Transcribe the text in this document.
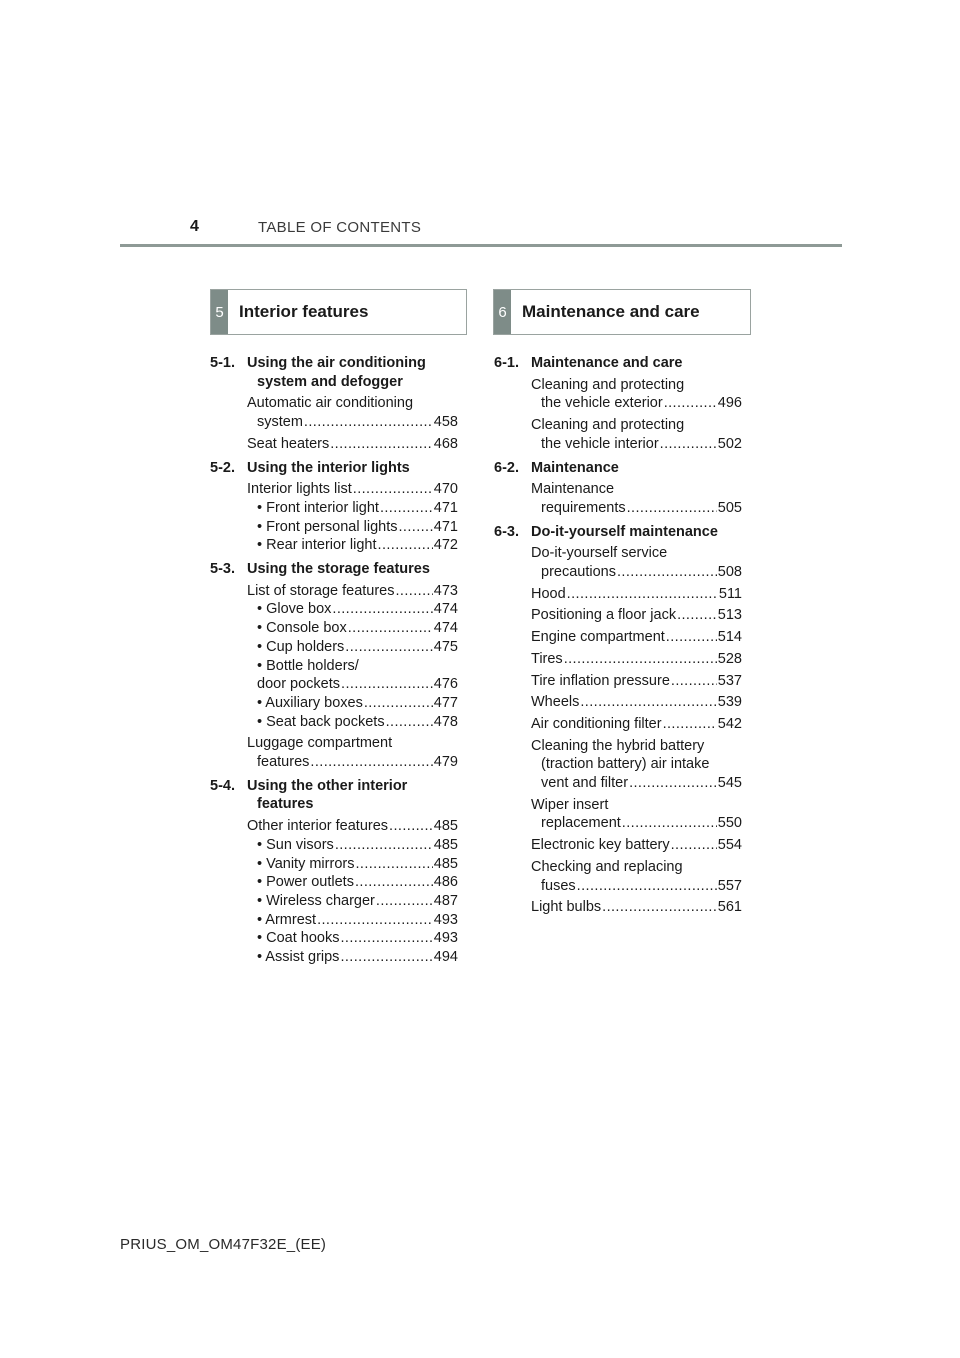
4	TABLE OF CONTENTS
5 Interior features	6 Maintenance and care
5-1. Using the air conditioning
system and defogger
Automatic air conditioning
system .....	458
Seat heaters .....	468
5-2. Using the interior lights
Interior lights list .....	470
• Front interior light .....	471
• Front personal lights .....	471
• Rear interior light .....	472
5-3. Using the storage features
List of storage features .....	473
• Glove box .....	474
• Console box .....	474
• Cup holders .....	475
• Bottle holders/
door pockets .....	476
• Auxiliary boxes .....	477
• Seat back pockets .....	478
Luggage compartment
features .....	479
5-4. Using the other interior
features
Other interior features .....	485
• Sun visors .....	485
• Vanity mirrors .....	485
• Power outlets .....	486
• Wireless charger .....	487
• Armrest .....	493
• Coat hooks .....	493
• Assist grips .....	494
6-1. Maintenance and care
Cleaning and protecting
the vehicle exterior .....	496
Cleaning and protecting
the vehicle interior .....	502
6-2. Maintenance
Maintenance
requirements .....	505
6-3. Do-it-yourself maintenance
Do-it-yourself service
precautions .....	508
Hood .....	511
Positioning a floor jack .....	513
Engine compartment .....	514
Tires .....	528
Tire inflation pressure .....	537
Wheels .....	539
Air conditioning filter .....	542
Cleaning the hybrid battery
(traction battery) air intake
vent and filter .....	545
Wiper insert
replacement .....	550
Electronic key battery .....	554
Checking and replacing
fuses .....	557
Light bulbs .....	561
PRIUS_OM_OM47F32E_(EE)
